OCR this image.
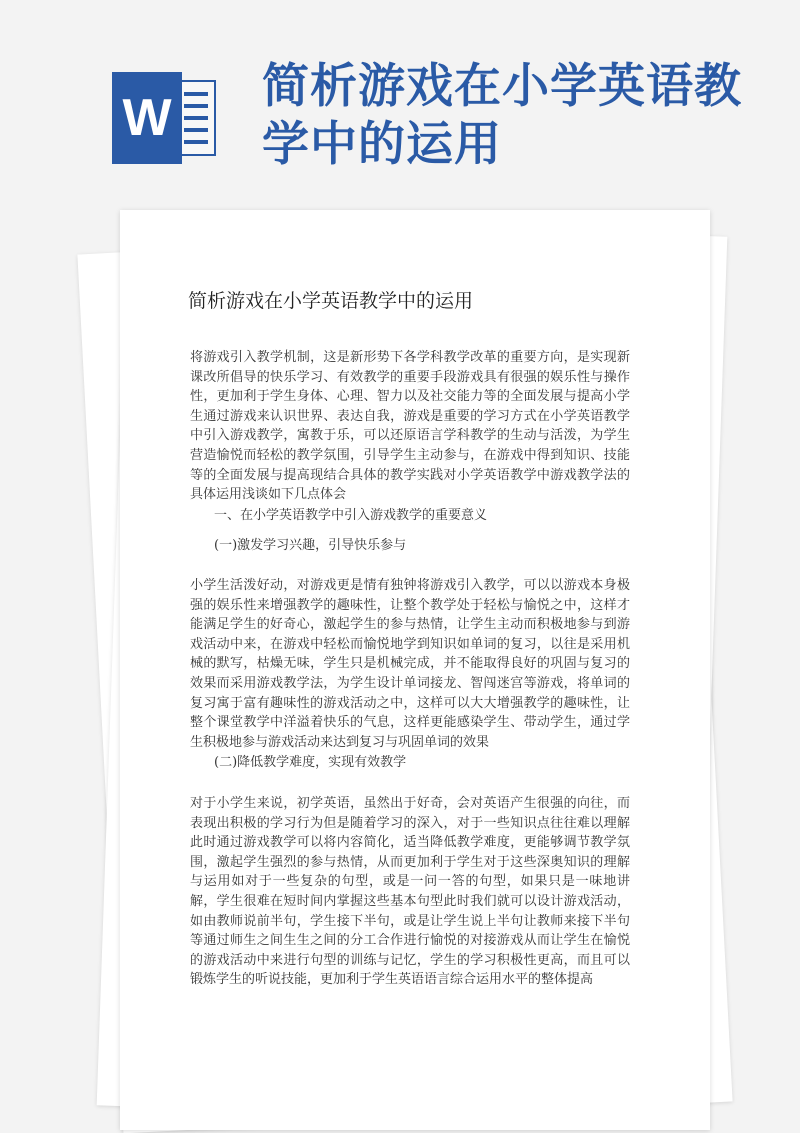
W
简析游戏在小学英语教学中的运用
简析游戏在小学英语教学中的运用
将游戏引入教学机制，这是新形势下各学科教学改革的重要方向，是实现新课改所倡导的快乐学习、有效教学的重要手段游戏具有很强的娱乐性与操作性，更加利于学生身体、心理、智力以及社交能力等的全面发展与提高小学生通过游戏来认识世界、表达自我，游戏是重要的学习方式在小学英语教学中引入游戏教学，寓教于乐，可以还原语言学科教学的生动与活泼，为学生营造愉悦而轻松的教学氛围，引导学生主动参与，在游戏中得到知识、技能等的全面发展与提高现结合具体的教学实践对小学英语教学中游戏教学法的具体运用浅谈如下几点体会
一、在小学英语教学中引入游戏教学的重要意义
(一)激发学习兴趣，引导快乐参与
小学生活泼好动，对游戏更是情有独钟将游戏引入教学，可以以游戏本身极强的娱乐性来增强教学的趣味性，让整个教学处于轻松与愉悦之中，这样才能满足学生的好奇心，激起学生的参与热情，让学生主动而积极地参与到游戏活动中来，在游戏中轻松而愉悦地学到知识如单词的复习，以往是采用机械的默写，枯燥无味，学生只是机械完成，并不能取得良好的巩固与复习的效果而采用游戏教学法，为学生设计单词接龙、智闯迷宫等游戏，将单词的复习寓于富有趣味性的游戏活动之中，这样可以大大增强教学的趣味性，让整个课堂教学中洋溢着快乐的气息，这样更能感染学生、带动学生，通过学生积极地参与游戏活动来达到复习与巩固单词的效果
(二)降低教学难度，实现有效教学
对于小学生来说，初学英语，虽然出于好奇，会对英语产生很强的向往，而表现出积极的学习行为但是随着学习的深入，对于一些知识点往往难以理解此时通过游戏教学可以将内容简化，适当降低教学难度，更能够调节教学氛围，激起学生强烈的参与热情，从而更加利于学生对于这些深奥知识的理解与运用如对于一些复杂的句型，或是一问一答的句型，如果只是一味地讲解，学生很难在短时间内掌握这些基本句型此时我们就可以设计游戏活动，如由教师说前半句，学生接下半句，或是让学生说上半句让教师来接下半句等通过师生之间生生之间的分工合作进行愉悦的对接游戏从而让学生在愉悦的游戏活动中来进行句型的训练与记忆，学生的学习积极性更高，而且可以锻炼学生的听说技能，更加利于学生英语语言综合运用水平的整体提高
